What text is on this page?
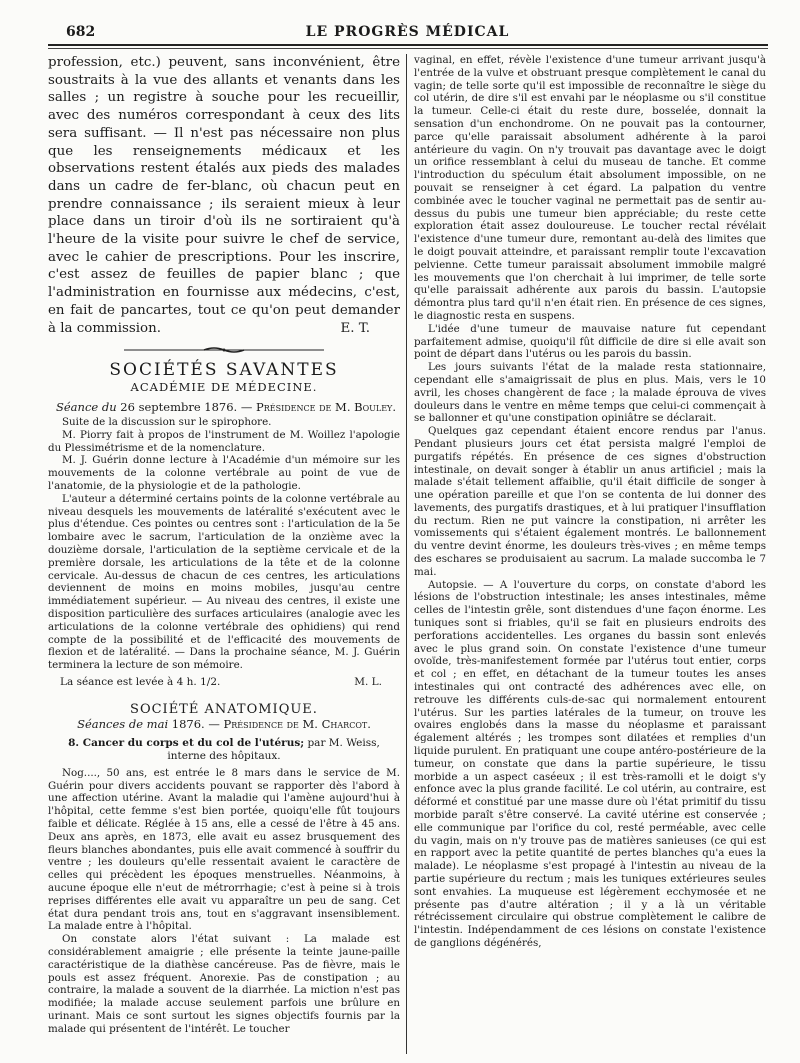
682	LE PROGRÈS MÉDICAL

profession, etc.) peuvent, sans inconvénient, être soustraits à la vue des allants et venants dans les salles ; un registre à souche pour les recueillir, avec des numéros correspondant à ceux des lits sera suffisant. — Il n'est pas nécessaire non plus que les renseignements médicaux et les observations restent étalés aux pieds des malades dans un cadre de fer-blanc, où chacun peut en prendre connaissance ; ils seraient mieux à leur place dans un tiroir d'où ils ne sortiraient qu'à l'heure de la visite pour suivre le chef de service, avec le cahier de prescriptions. Pour les inscrire, c'est assez de feuilles de papier blanc ; que l'administration en fournisse aux médecins, c'est, en fait de pancartes, tout ce qu'on peut demander à la commission.	E. T.

SOCIÉTÉS SAVANTES
ACADÉMIE DE MÉDECINE.

Séance du 26 septembre 1876. — Présidence de M. Bouley.

Suite de la discussion sur le spirophore.

M. Piorry fait à propos de l'instrument de M. Woillez l'apologie du Plessimétrisme et de la nomenclature.

M. J. Guérin donne lecture à l'Académie d'un mémoire sur les mouvements de la colonne vertébrale au point de vue de l'anatomie, de la physiologie et de la pathologie.

L'auteur a déterminé certains points de la colonne vertébrale au niveau desquels les mouvements de latéralité s'exécutent avec le plus d'étendue. Ces pointes ou centres sont : l'articulation de la 5e lombaire avec le sacrum, l'articulation de la onzième avec la douzième dorsale, l'articulation de la septième cervicale et de la première dorsale, les articulations de la tête et de la colonne cervicale. Au-dessus de chacun de ces centres, les articulations deviennent de moins en moins mobiles, jusqu'au centre immédiatement supérieur. — Au niveau des centres, il existe une disposition particulière des surfaces articulaires (analogie avec les articulations de la colonne vertébrale des ophidiens) qui rend compte de la possibilité et de l'efficacité des mouvements de flexion et de latéralité. — Dans la prochaine séance, M. J. Guérin terminera la lecture de son mémoire.

La séance est levée à 4 h. 1/2.	M. L.
SOCIÉTÉ ANATOMIQUE.

Séances de mai 1876. — Présidence de M. Charcot.

8. Cancer du corps et du col de l'utérus; par M. Weiss, interne des hôpitaux.

Nog...., 50 ans, est entrée le 8 mars dans le service de M. Guérin pour divers accidents pouvant se rapporter dès l'abord à une affection utérine. Avant la maladie qui l'amène aujourd'hui à l'hôpital, cette femme s'est bien portée, quoiqu'elle fût toujours faible et délicate. Réglée à 15 ans, elle a cessé de l'être à 45 ans. Deux ans après, en 1873, elle avait eu assez brusquement des fleurs blanches abondantes, puis elle avait commencé à souffrir du ventre ; les douleurs qu'elle ressentait avaient le caractère de celles qui précèdent les époques menstruelles. Néanmoins, à aucune époque elle n'eut de métrorrhagie; c'est à peine si à trois reprises différentes elle avait vu apparaître un peu de sang. Cet état dura pendant trois ans, tout en s'aggravant insensiblement. La malade entre à l'hôpital.

On constate alors l'état suivant : La malade est considérablement amaigrie ; elle présente la teinte jaune-paille caractéristique de la diathèse cancéreuse. Pas de fièvre, mais le pouls est assez fréquent. Anorexie. Pas de constipation ; au contraire, la malade a souvent de la diarrhée. La miction n'est pas modifiée; la malade accuse seulement parfois une brûlure en urinant. Mais ce sont surtout les signes objectifs fournis par la malade qui présentent de l'intérêt. Le toucher

vaginal, en effet, révèle l'existence d'une tumeur arrivant jusqu'à l'entrée de la vulve et obstruant presque complètement le canal du vagin; de telle sorte qu'il est impossible de reconnaître le siège du col utérin, de dire s'il est envahi par le néoplasme ou s'il constitue la tumeur. Celle-ci était du reste dure, bosselée, donnait la sensation d'un enchondrome. On ne pouvait pas la contourner, parce qu'elle paraissait absolument adhérente à la paroi antérieure du vagin. On n'y trouvait pas davantage avec le doigt un orifice ressemblant à celui du museau de tanche. Et comme l'introduction du spéculum était absolument impossible, on ne pouvait se renseigner à cet égard. La palpation du ventre combinée avec le toucher vaginal ne permettait pas de sentir au-dessus du pubis une tumeur bien appréciable; du reste cette exploration était assez douloureuse. Le toucher rectal révélait l'existence d'une tumeur dure, remontant au-delà des limites que le doigt pouvait atteindre, et paraissant remplir toute l'excavation pelvienne. Cette tumeur paraissait absolument immobile malgré les mouvements que l'on cherchait à lui imprimer, de telle sorte qu'elle paraissait adhérente aux parois du bassin. L'autopsie démontra plus tard qu'il n'en était rien. En présence de ces signes, le diagnostic resta en suspens.

L'idée d'une tumeur de mauvaise nature fut cependant parfaitement admise, quoiqu'il fût difficile de dire si elle avait son point de départ dans l'utérus ou les parois du bassin.

Les jours suivants l'état de la malade resta stationnaire, cependant elle s'amaigrissait de plus en plus. Mais, vers le 10 avril, les choses changèrent de face ; la malade éprouva de vives douleurs dans le ventre en même temps que celui-ci commençait à se ballonner et qu'une constipation opiniâtre se déclarait.

Quelques gaz cependant étaient encore rendus par l'anus. Pendant plusieurs jours cet état persista malgré l'emploi de purgatifs répétés. En présence de ces signes d'obstruction intestinale, on devait songer à établir un anus artificiel ; mais la malade s'était tellement affaiblie, qu'il était difficile de songer à une opération pareille et que l'on se contenta de lui donner des lavements, des purgatifs drastiques, et à lui pratiquer l'insufflation du rectum. Rien ne put vaincre la constipation, ni arrêter les vomissements qui s'étaient également montrés. Le ballonnement du ventre devint énorme, les douleurs très-vives ; en même temps des eschares se produisaient au sacrum. La malade succomba le 7 mai.

Autopsie. — A l'ouverture du corps, on constate d'abord les lésions de l'obstruction intestinale; les anses intestinales, même celles de l'intestin grêle, sont distendues d'une façon énorme. Les tuniques sont si friables, qu'il se fait en plusieurs endroits des perforations accidentelles. Les organes du bassin sont enlevés avec le plus grand soin. On constate l'existence d'une tumeur ovoïde, très-manifestement formée par l'utérus tout entier, corps et col ; en effet, en détachant de la tumeur toutes les anses intestinales qui ont contracté des adhérences avec elle, on retrouve les différents culs-de-sac qui normalement entourent l'utérus. Sur les parties latérales de la tumeur, on trouve les ovaires englobés dans la masse du néoplasme et paraissant également altérés ; les trompes sont dilatées et remplies d'un liquide purulent. En pratiquant une coupe antéro-postérieure de la tumeur, on constate que dans la partie supérieure, le tissu morbide a un aspect caséeux ; il est très-ramolli et le doigt s'y enfonce avec la plus grande facilité. Le col utérin, au contraire, est déformé et constitué par une masse dure où l'état primitif du tissu morbide paraît s'être conservé. La cavité utérine est conservée ; elle communique par l'orifice du col, resté perméable, avec celle du vagin, mais on n'y trouve pas de matières sanieuses (ce qui est en rapport avec la petite quantité de pertes blanches qu'a eues la malade). Le néoplasme s'est propagé à l'intestin au niveau de la partie supérieure du rectum ; mais les tuniques extérieures seules sont envahies. La muqueuse est légèrement ecchymosée et ne présente pas d'autre altération ; il y a là un véritable rétrécissement circulaire qui obstrue complètement le calibre de l'intestin. Indépendamment de ces lésions on constate l'existence de ganglions dégénérés,
